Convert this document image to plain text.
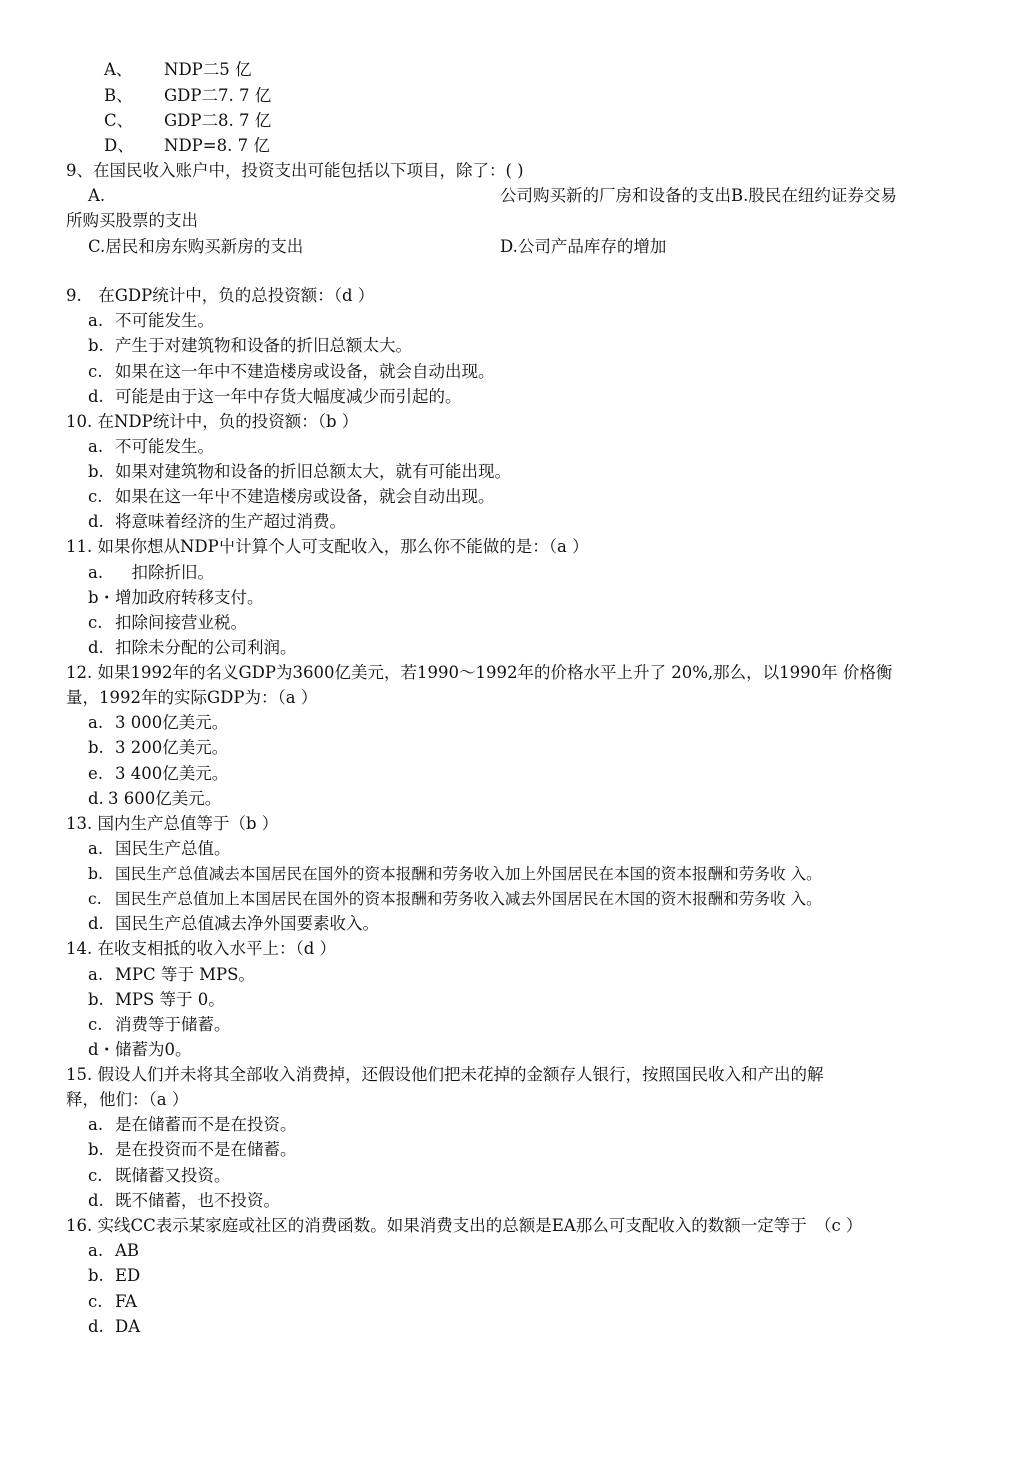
A、 NDP二5 亿
B、 GDP二7. 7 亿
C、 GDP二8. 7 亿
D、 NDP=8. 7 亿
9、在国民收入账户中，投资支出可能包括以下项目，除了：( )
A.	公司购买新的厂房和设备的支出B.股民在纽约证券交易
所购买股票的支出
C.居民和房东购买新房的支出	D.公司产品库存的增加
9.　在GDP统计中，负的总投资额：（d ）
a. 不可能发生。
b. 产生于对建筑物和设备的折旧总额太大。
c. 如果在这一年中不建造楼房或设备，就会自动出现。
d. 可能是由于这一年中存货大幅度减少而引起的。
10. 在NDP统计中，负的投资额：（b ）
a. 不可能发生。
b. 如果对建筑物和设备的折旧总额太大，就有可能出现。
c. 如果在这一年屮不建造楼房或设备，就会自动出现。
d. 将意味着经济的生产超过消费。
11. 如果你想从NDP屮计算个人可支配收入，那么你不能做的是：（a ）
a.　扣除折旧。
b・增加政府转移支付。
c. 扣除间接营业税。
d. 扣除未分配的公司利润。
12. 如果1992年的名义GDP为3600亿美元，若1990～1992年的价格水平上升了 20%,那么，以1990年 价格衡
量，1992年的实际GDP为：（a ）
a. 3 000亿美元。
b. 3 200亿美元。
e. 3 400亿美元。
d. 3 600亿美元。
13. 国内生产总值等于（b ）
a. 国民生产总值。
b. 国民生产总值减去本国居民在国外的资本报酬和劳务收入加上外国居民在本国的资本报酬和劳务收 入。
c. 国民生产总值加上本国居民在国外的资本报酬和劳务收入减去外国居民在木国的资木报酬和劳务收 入。
d. 国民生产总值减去净外国要素收入。
14. 在收支相抵的收入水平上：（d ）
a. MPC 等于 MPS。
b. MPS 等于 0。
c. 消费等于储蓄。
d・储蓄为0。
15. 假设人们并未将其全部收入消费掉，还假设他们把未花掉的金额存人银行，按照国民收入和产出的解
释，他们：（a ）
a. 是在储蓄而不是在投资。
b. 是在投资而不是在储蓄。
c. 既储蓄又投资。
d. 既不储蓄，也不投资。
16. 实线CC表示某家庭或社区的消费函数。如果消费支出的总额是EA那么可支配收入的数额一定等于　（c ）
a. AB
b. ED
c. FA
d. DA
